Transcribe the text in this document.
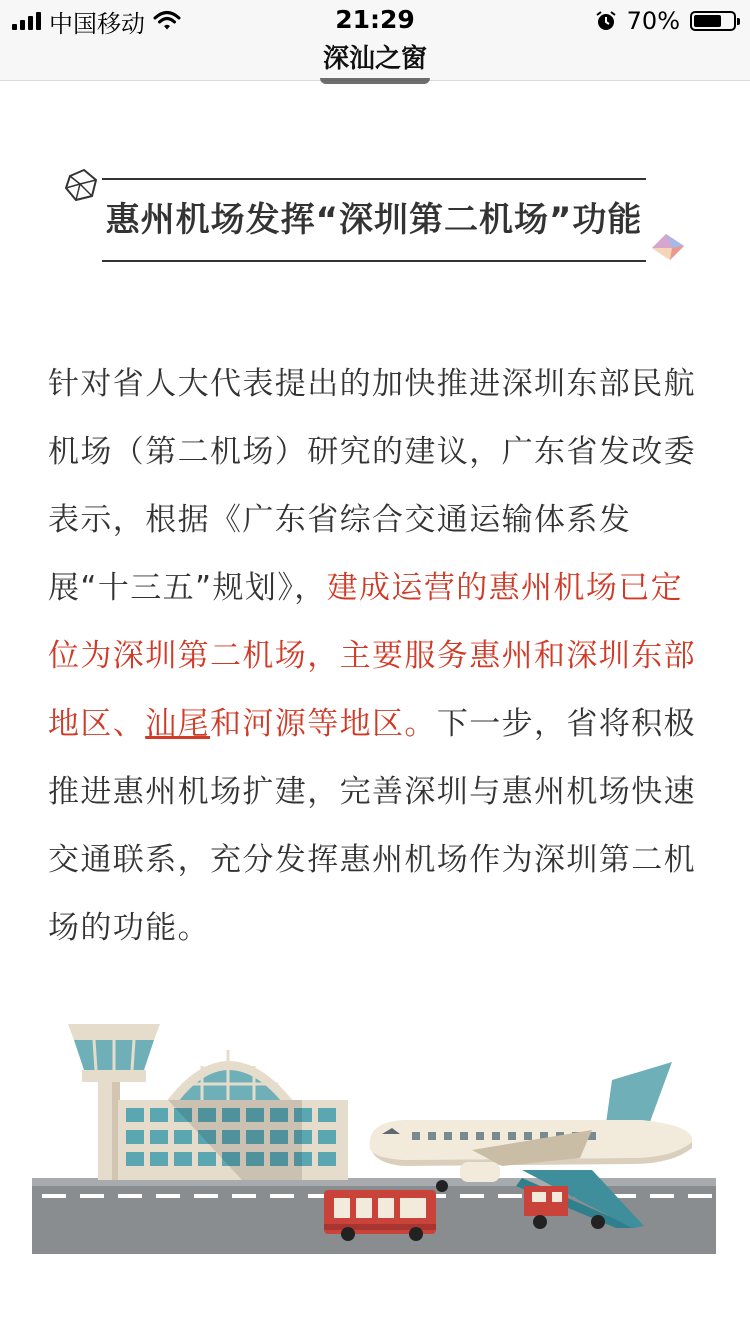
中国移动	21:29	70%
深汕之窗
惠州机场发挥“深圳第二机场”功能
针对省人大代表提出的加快推进深圳东部民航机场（第二机场）研究的建议，广东省发改委表示，根据《广东省综合交通运输体系发展“十三五”规划》，建成运营的惠州机场已定位为深圳第二机场，主要服务惠州和深圳东部地区、汕尾和河源等地区。下一步，省将积极推进惠州机场扩建，完善深圳与惠州机场快速交通联系，充分发挥惠州机场作为深圳第二机场的功能。
